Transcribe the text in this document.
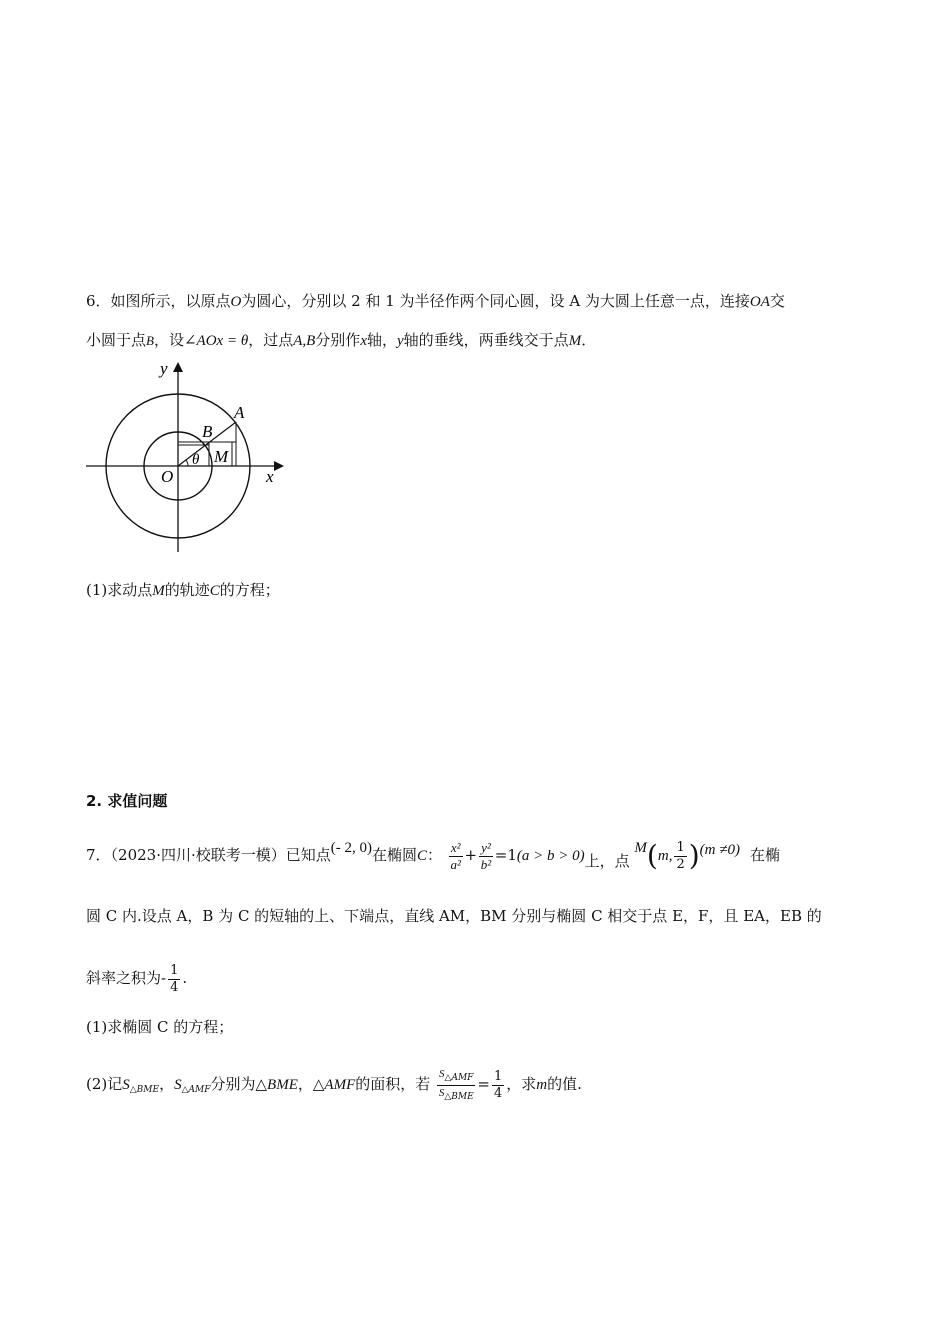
6．如图所示，以原点O为圆心，分别以 2 和 1 为半径作两个同心圆，设 A 为大圆上任意一点，连接OA交
小圆于点B，设∠AOx = θ，过点A,B分别作x轴，y轴的垂线，两垂线交于点M．
y
x
O
A
B
M
θ
(1)求动点M的轨迹C的方程；
2. 求值问题
7．（2023·四川·校联考一模）已知点(- 2, 0)在椭圆C： $\frac{\text{x²}}{\text{a²}} + \frac{\text{y²}}{\text{b²}} =1(a > b > 0)$上，点 M(m, $\frac{1}{2} )(m \ne 0)$ 在椭
圆 C 内.设点 A，B 为 C 的短轴的上、下端点，直线 AM，BM 分别与椭圆 C 相交于点 E，F，且 EA，EB 的
斜率之积为- $\frac{1}{4}$ .
(1)求椭圆 C 的方程；
(2)记$S_{\triangle BME}$，$S_{\triangle AMF}$分别为△BME，△AMF的面积，若 $\frac{S_{\triangle AMF}}{S_{\triangle BME}} = \frac{1}{4}$ ，求m的值.
